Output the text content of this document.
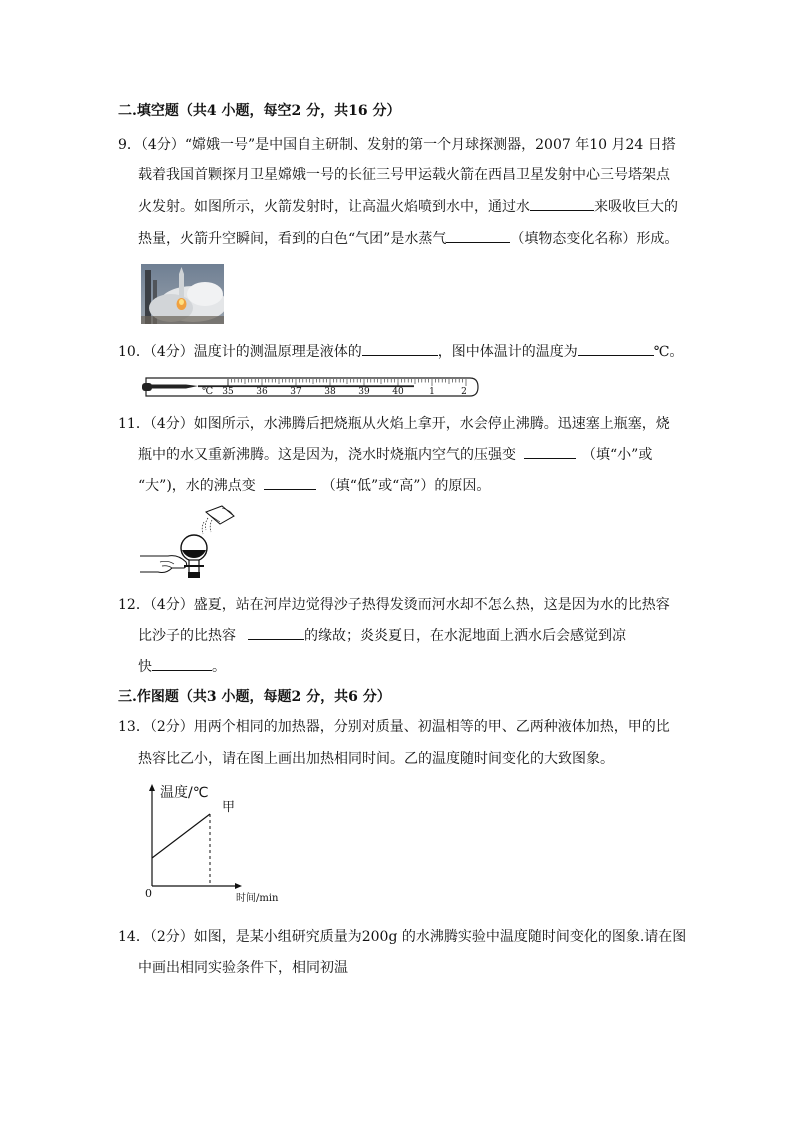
二.填空题（共4 小题，每空2 分，共16 分）
9．（4分）“嫦娥一号”是中国自主研制、发射的第一个月球探测器，2007 年10 月24 日搭
载着我国首颗探月卫星嫦娥一号的长征三号甲运载火箭在西昌卫星发射中心三号塔架点
火发射。如图所示，火箭发射时，让高温火焰喷到水中，通过水	来吸收巨大的
热量，火箭升空瞬间，看到的白色“气团”是水蒸气	（填物态变化名称）形成。
10．（4分）温度计的测温原理是液体的	，图中体温计的温度为	℃。
℃ 35	36	37	38	39	40	1	2
11．（4分）如图所示，水沸腾后把烧瓶从火焰上拿开，水会停止沸腾。迅速塞上瓶塞，烧
瓶中的水又重新沸腾。这是因为，浇水时烧瓶内空气的压强变	（填“小”或
“大”)，水的沸点变	（填“低”或“高”）的原因。
12．（4分）盛夏，站在河岸边觉得沙子热得发烫而河水却不怎么热，这是因为水的比热容
比沙子的比热容	的缘故；炎炎夏日，在水泥地面上洒水后会感觉到凉
快	。
三.作图题（共3 小题，每题2 分，共6 分）
13．（2分）用两个相同的加热器，分别对质量、初温相等的甲、乙两种液体加热，甲的比
热容比乙小，请在图上画出加热相同时间。乙的温度随时间变化的大致图象。
温度/℃
甲
0	时间/min
14．（2分）如图，是某小组研究质量为200g 的水沸腾实验中温度随时间变化的图象.请在图
中画出相同实验条件下，相同初温
